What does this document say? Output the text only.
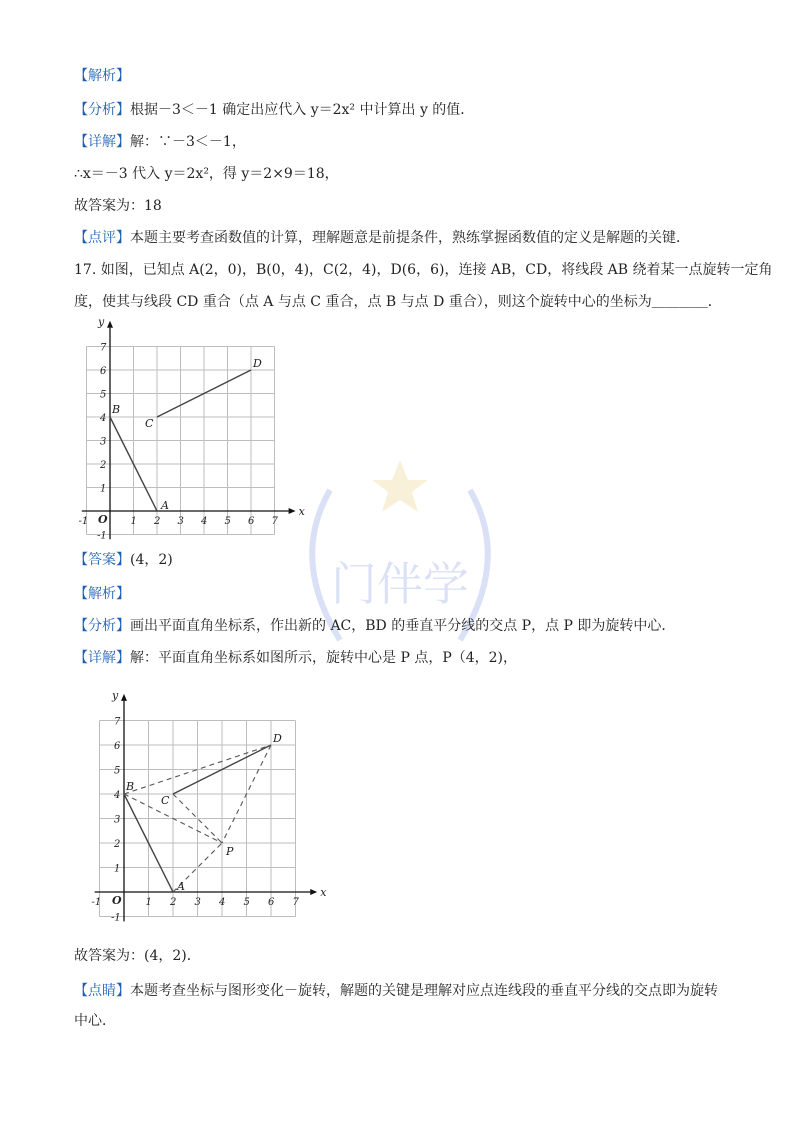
门伴学
【解析】
【分析】根据－3＜－1 确定出应代入 y＝2x² 中计算出 y 的值．
【详解】解：∵－3＜－1，
∴x＝－3 代入 y＝2x²，得 y＝2×9＝18，
故答案为：18
【点评】本题主要考查函数值的计算，理解题意是前提条件，熟练掌握函数值的定义是解题的关键．
17. 如图，已知点 A(2，0)，B(0，4)，C(2，4)，D(6，6)，连接 AB，CD，将线段 AB 绕着某一点旋转一定角
度，使其与线段 CD 重合（点 A 与点 C 重合，点 B 与点 D 重合），则这个旋转中心的坐标为＿＿＿＿．
x
y
O
-1	1 2 3 4 5 6 7
-1
1
2
3
4
5
6
7
A
B
C
D
【答案】(4，2)
【解析】
【分析】画出平面直角坐标系，作出新的 AC，BD 的垂直平分线的交点 P，点 P 即为旋转中心．
【详解】解：平面直角坐标系如图所示，旋转中心是 P 点，P（4，2)，
x
y
O
-1	1 2 3 4 5 6 7
-1
1
2
3
4
5
6
7
A
B
C
D
P
故答案为：(4，2)．
【点睛】本题考查坐标与图形变化－旋转，解题的关键是理解对应点连线段的垂直平分线的交点即为旋转中心．
